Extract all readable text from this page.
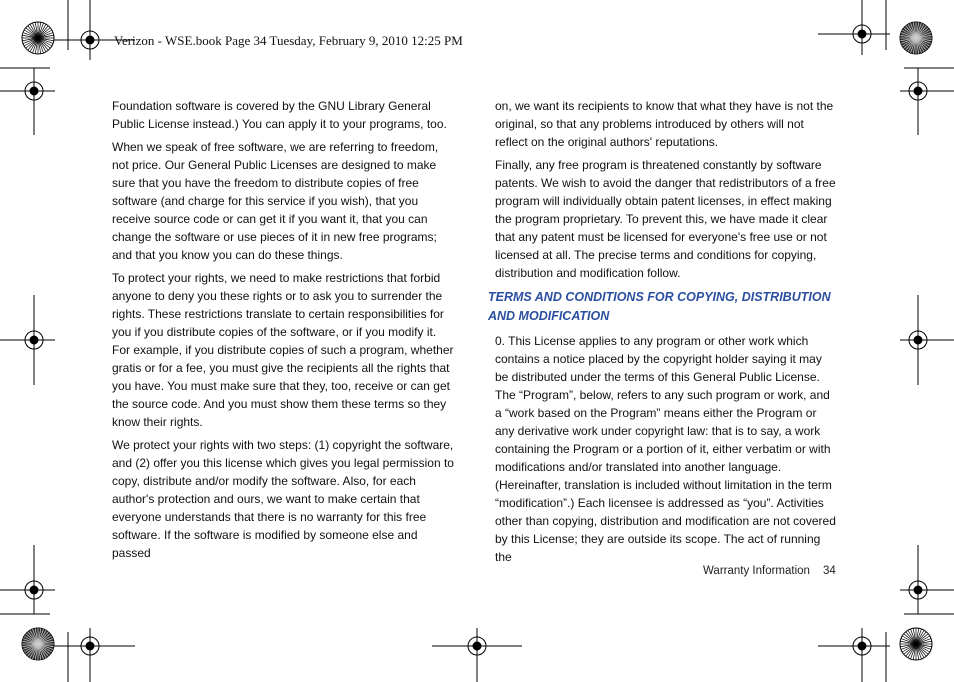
Verizon - WSE.book Page 34 Tuesday, February 9, 2010 12:25 PM

Foundation software is covered by the GNU Library General Public License instead.) You can apply it to your programs, too.

When we speak of free software, we are referring to freedom, not price. Our General Public Licenses are designed to make sure that you have the freedom to distribute copies of free software (and charge for this service if you wish), that you receive source code or can get it if you want it, that you can change the software or use pieces of it in new free programs; and that you know you can do these things.

To protect your rights, we need to make restrictions that forbid anyone to deny you these rights or to ask you to surrender the rights. These restrictions translate to certain responsibilities for you if you distribute copies of the software, or if you modify it. For example, if you distribute copies of such a program, whether gratis or for a fee, you must give the recipients all the rights that you have. You must make sure that they, too, receive or can get the source code. And you must show them these terms so they know their rights.

We protect your rights with two steps: (1) copyright the software, and (2) offer you this license which gives you legal permission to copy, distribute and/or modify the software. Also, for each author's protection and ours, we want to make certain that everyone understands that there is no warranty for this free software. If the software is modified by someone else and passed

on, we want its recipients to know that what they have is not the original, so that any problems introduced by others will not reflect on the original authors' reputations.

Finally, any free program is threatened constantly by software patents. We wish to avoid the danger that redistributors of a free program will individually obtain patent licenses, in effect making the program proprietary. To prevent this, we have made it clear that any patent must be licensed for everyone's free use or not licensed at all. The precise terms and conditions for copying, distribution and modification follow.

TERMS AND CONDITIONS FOR COPYING, DISTRIBUTION AND MODIFICATION

0. This License applies to any program or other work which contains a notice placed by the copyright holder saying it may be distributed under the terms of this General Public License. The “Program”, below, refers to any such program or work, and a “work based on the Program” means either the Program or any derivative work under copyright law: that is to say, a work containing the Program or a portion of it, either verbatim or with modifications and/or translated into another language. (Hereinafter, translation is included without limitation in the term “modification”.) Each licensee is addressed as “you”. Activities other than copying, distribution and modification are not covered by this License; they are outside its scope. The act of running the

Warranty Information 34
